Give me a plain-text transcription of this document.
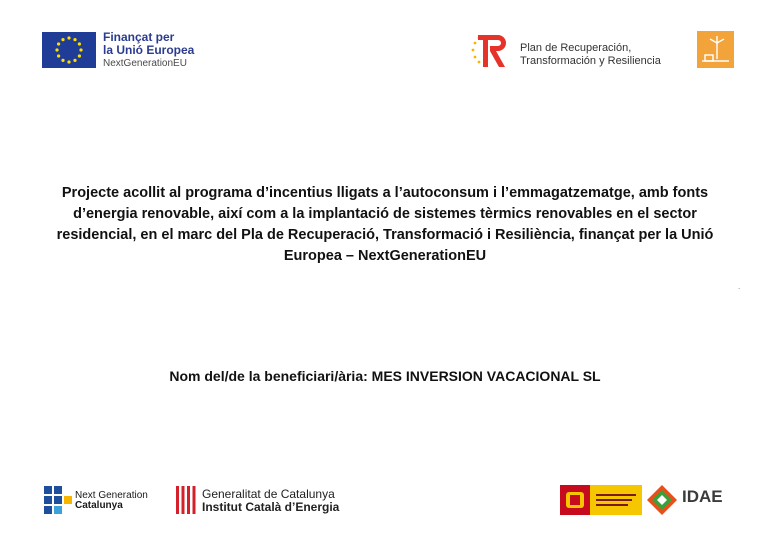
Finançat per
la Unió Europea
NextGenerationEU
Plan de Recuperación,
Transformación y Resiliencia
Projecte acollit al programa d’incentius lligats a l’autoconsum i l’emmagatzematge, amb fonts d’energia renovable, així com a la implantació de sistemes tèrmics renovables en el sector residencial, en el marc del Pla de Recuperació, Transformació i Resiliència, finançat per la Unió Europea – NextGenerationEU
.
Nom del/de la beneficiari/ària: MES INVERSION VACACIONAL SL
Next Generation
Catalunya
Generalitat de Catalunya
Institut Català d’Energia
IDAE
